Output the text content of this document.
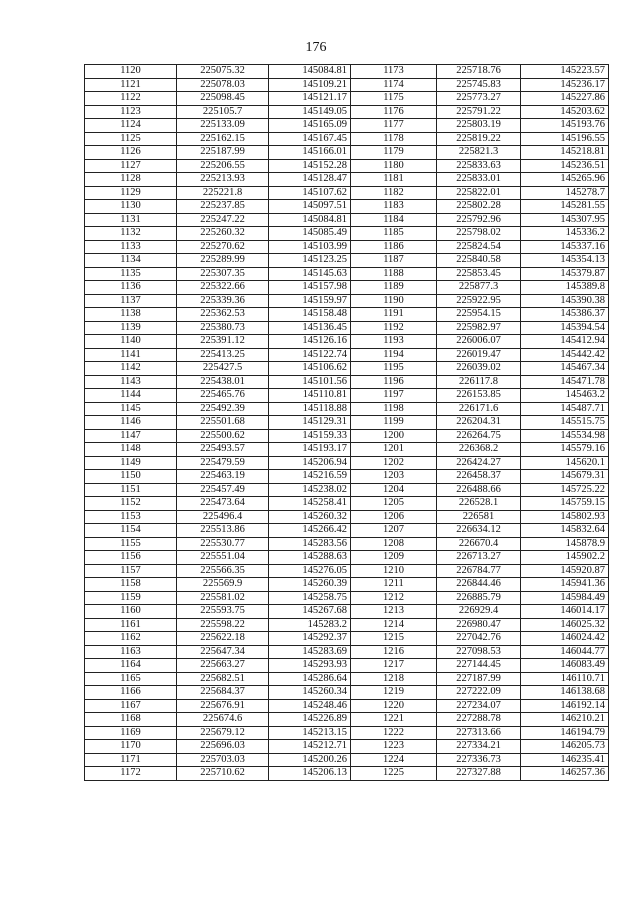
176
1120	225075.32	145084.81	1173	225718.76	145223.57
1121	225078.03	145109.21	1174	225745.83	145236.17
1122	225098.45	145121.17	1175	225773.27	145227.86
1123	225105.7	145149.05	1176	225791.22	145203.62
1124	225133.09	145165.09	1177	225803.19	145193.76
1125	225162.15	145167.45	1178	225819.22	145196.55
1126	225187.99	145166.01	1179	225821.3	145218.81
1127	225206.55	145152.28	1180	225833.63	145236.51
1128	225213.93	145128.47	1181	225833.01	145265.96
1129	225221.8	145107.62	1182	225822.01	145278.7
1130	225237.85	145097.51	1183	225802.28	145281.55
1131	225247.22	145084.81	1184	225792.96	145307.95
1132	225260.32	145085.49	1185	225798.02	145336.2
1133	225270.62	145103.99	1186	225824.54	145337.16
1134	225289.99	145123.25	1187	225840.58	145354.13
1135	225307.35	145145.63	1188	225853.45	145379.87
1136	225322.66	145157.98	1189	225877.3	145389.8
1137	225339.36	145159.97	1190	225922.95	145390.38
1138	225362.53	145158.48	1191	225954.15	145386.37
1139	225380.73	145136.45	1192	225982.97	145394.54
1140	225391.12	145126.16	1193	226006.07	145412.94
1141	225413.25	145122.74	1194	226019.47	145442.42
1142	225427.5	145106.62	1195	226039.02	145467.34
1143	225438.01	145101.56	1196	226117.8	145471.78
1144	225465.76	145110.81	1197	226153.85	145463.2
1145	225492.39	145118.88	1198	226171.6	145487.71
1146	225501.68	145129.31	1199	226204.31	145515.75
1147	225500.62	145159.33	1200	226264.75	145534.98
1148	225493.57	145193.17	1201	226368.2	145579.16
1149	225479.59	145206.94	1202	226424.27	145620.1
1150	225463.19	145216.59	1203	226458.37	145679.31
1151	225457.49	145238.02	1204	226488.66	145725.22
1152	225473.64	145258.41	1205	226528.1	145759.15
1153	225496.4	145260.32	1206	226581	145802.93
1154	225513.86	145266.42	1207	226634.12	145832.64
1155	225530.77	145283.56	1208	226670.4	145878.9
1156	225551.04	145288.63	1209	226713.27	145902.2
1157	225566.35	145276.05	1210	226784.77	145920.87
1158	225569.9	145260.39	1211	226844.46	145941.36
1159	225581.02	145258.75	1212	226885.79	145984.49
1160	225593.75	145267.68	1213	226929.4	146014.17
1161	225598.22	145283.2	1214	226980.47	146025.32
1162	225622.18	145292.37	1215	227042.76	146024.42
1163	225647.34	145283.69	1216	227098.53	146044.77
1164	225663.27	145293.93	1217	227144.45	146083.49
1165	225682.51	145286.64	1218	227187.99	146110.71
1166	225684.37	145260.34	1219	227222.09	146138.68
1167	225676.91	145248.46	1220	227234.07	146192.14
1168	225674.6	145226.89	1221	227288.78	146210.21
1169	225679.12	145213.15	1222	227313.66	146194.79
1170	225696.03	145212.71	1223	227334.21	146205.73
1171	225703.03	145200.26	1224	227336.73	146235.41
1172	225710.62	145206.13	1225	227327.88	146257.36
